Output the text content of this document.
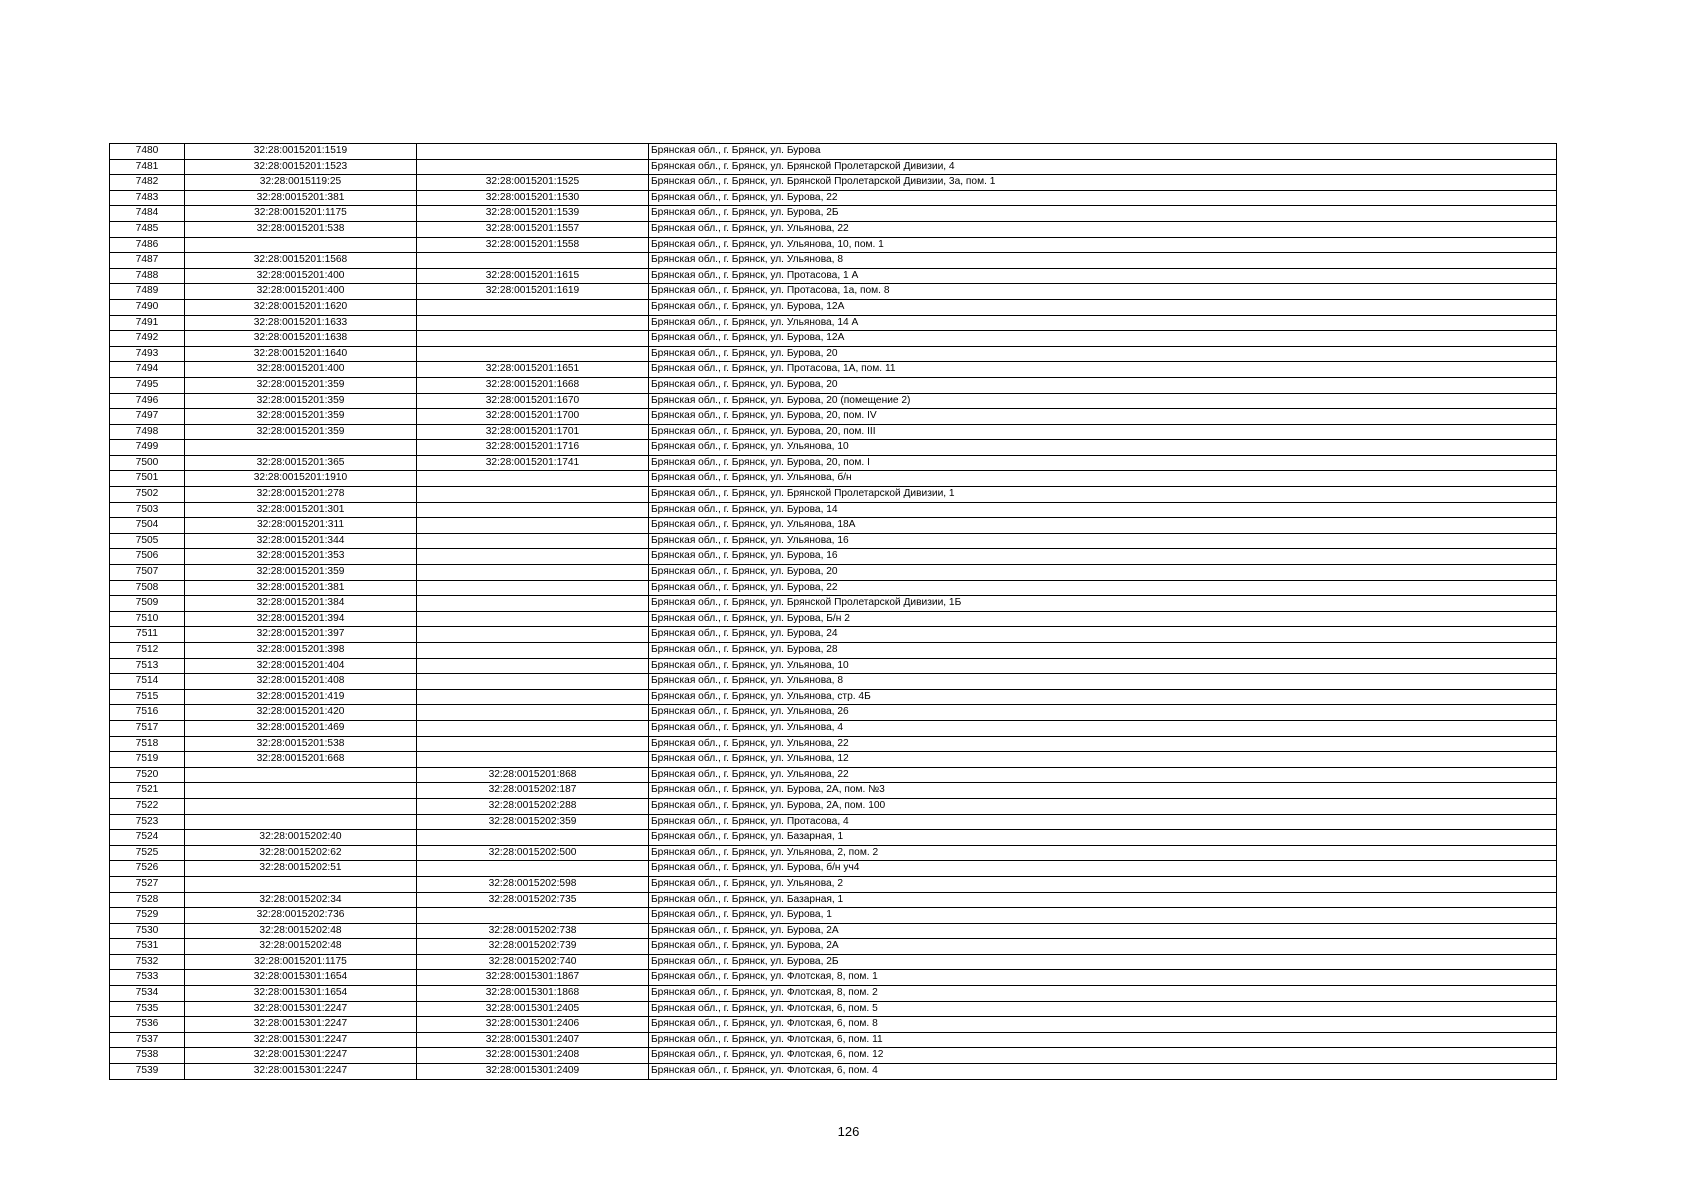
7480	32:28:0015201:1519		Брянская обл., г. Брянск, ул. Бурова
7481	32:28:0015201:1523		Брянская обл., г. Брянск, ул. Брянской Пролетарской Дивизии, 4
7482	32:28:0015119:25	32:28:0015201:1525	Брянская обл., г. Брянск, ул. Брянской Пролетарской Дивизии, 3а, пом. 1
7483	32:28:0015201:381	32:28:0015201:1530	Брянская обл., г. Брянск, ул. Бурова, 22
7484	32:28:0015201:1175	32:28:0015201:1539	Брянская обл., г. Брянск, ул. Бурова, 2Б
7485	32:28:0015201:538	32:28:0015201:1557	Брянская обл., г. Брянск, ул. Ульянова, 22
7486		32:28:0015201:1558	Брянская обл., г. Брянск, ул. Ульянова, 10, пом. 1
7487	32:28:0015201:1568		Брянская обл., г. Брянск, ул. Ульянова, 8
7488	32:28:0015201:400	32:28:0015201:1615	Брянская обл., г. Брянск, ул. Протасова, 1 А
7489	32:28:0015201:400	32:28:0015201:1619	Брянская обл., г. Брянск, ул. Протасова, 1а, пом. 8
7490	32:28:0015201:1620		Брянская обл., г. Брянск, ул. Бурова, 12А
7491	32:28:0015201:1633		Брянская обл., г. Брянск, ул. Ульянова, 14 А
7492	32:28:0015201:1638		Брянская обл., г. Брянск, ул. Бурова, 12А
7493	32:28:0015201:1640		Брянская обл., г. Брянск, ул. Бурова, 20
7494	32:28:0015201:400	32:28:0015201:1651	Брянская обл., г. Брянск, ул. Протасова, 1А, пом. 11
7495	32:28:0015201:359	32:28:0015201:1668	Брянская обл., г. Брянск, ул. Бурова, 20
7496	32:28:0015201:359	32:28:0015201:1670	Брянская обл., г. Брянск, ул. Бурова, 20 (помещение 2)
7497	32:28:0015201:359	32:28:0015201:1700	Брянская обл., г. Брянск, ул. Бурова, 20, пом. IV
7498	32:28:0015201:359	32:28:0015201:1701	Брянская обл., г. Брянск, ул. Бурова, 20, пом. III
7499		32:28:0015201:1716	Брянская обл., г. Брянск, ул. Ульянова, 10
7500	32:28:0015201:365	32:28:0015201:1741	Брянская обл., г. Брянск, ул. Бурова, 20, пом. I
7501	32:28:0015201:1910		Брянская обл., г. Брянск, ул. Ульянова, б/н
7502	32:28:0015201:278		Брянская обл., г. Брянск, ул. Брянской Пролетарской Дивизии, 1
7503	32:28:0015201:301		Брянская обл., г. Брянск, ул. Бурова, 14
7504	32:28:0015201:311		Брянская обл., г. Брянск, ул. Ульянова, 18А
7505	32:28:0015201:344		Брянская обл., г. Брянск, ул. Ульянова, 16
7506	32:28:0015201:353		Брянская обл., г. Брянск, ул. Бурова, 16
7507	32:28:0015201:359		Брянская обл., г. Брянск, ул. Бурова, 20
7508	32:28:0015201:381		Брянская обл., г. Брянск, ул. Бурова, 22
7509	32:28:0015201:384		Брянская обл., г. Брянск, ул. Брянской Пролетарской Дивизии, 1Б
7510	32:28:0015201:394		Брянская обл., г. Брянск, ул. Бурова, Б/н 2
7511	32:28:0015201:397		Брянская обл., г. Брянск, ул. Бурова, 24
7512	32:28:0015201:398		Брянская обл., г. Брянск, ул. Бурова, 28
7513	32:28:0015201:404		Брянская обл., г. Брянск, ул. Ульянова, 10
7514	32:28:0015201:408		Брянская обл., г. Брянск, ул. Ульянова, 8
7515	32:28:0015201:419		Брянская обл., г. Брянск, ул. Ульянова, стр. 4Б
7516	32:28:0015201:420		Брянская обл., г. Брянск, ул. Ульянова, 26
7517	32:28:0015201:469		Брянская обл., г. Брянск, ул. Ульянова, 4
7518	32:28:0015201:538		Брянская обл., г. Брянск, ул. Ульянова, 22
7519	32:28:0015201:668		Брянская обл., г. Брянск, ул. Ульянова, 12
7520		32:28:0015201:868	Брянская обл., г. Брянск, ул. Ульянова, 22
7521		32:28:0015202:187	Брянская обл., г. Брянск, ул. Бурова, 2А, пом. №3
7522		32:28:0015202:288	Брянская обл., г. Брянск, ул. Бурова, 2А, пом. 100
7523		32:28:0015202:359	Брянская обл., г. Брянск, ул. Протасова, 4
7524	32:28:0015202:40		Брянская обл., г. Брянск, ул. Базарная, 1
7525	32:28:0015202:62	32:28:0015202:500	Брянская обл., г. Брянск, ул. Ульянова, 2, пом. 2
7526	32:28:0015202:51		Брянская обл., г. Брянск, ул. Бурова, б/н уч4
7527		32:28:0015202:598	Брянская обл., г. Брянск, ул. Ульянова, 2
7528	32:28:0015202:34	32:28:0015202:735	Брянская обл., г. Брянск, ул. Базарная, 1
7529	32:28:0015202:736		Брянская обл., г. Брянск, ул. Бурова, 1
7530	32:28:0015202:48	32:28:0015202:738	Брянская обл., г. Брянск, ул. Бурова, 2А
7531	32:28:0015202:48	32:28:0015202:739	Брянская обл., г. Брянск, ул. Бурова, 2А
7532	32:28:0015201:1175	32:28:0015202:740	Брянская обл., г. Брянск, ул. Бурова, 2Б
7533	32:28:0015301:1654	32:28:0015301:1867	Брянская обл., г. Брянск, ул. Флотская, 8, пом. 1
7534	32:28:0015301:1654	32:28:0015301:1868	Брянская обл., г. Брянск, ул. Флотская, 8, пом. 2
7535	32:28:0015301:2247	32:28:0015301:2405	Брянская обл., г. Брянск, ул. Флотская, 6, пом. 5
7536	32:28:0015301:2247	32:28:0015301:2406	Брянская обл., г. Брянск, ул. Флотская, 6, пом. 8
7537	32:28:0015301:2247	32:28:0015301:2407	Брянская обл., г. Брянск, ул. Флотская, 6, пом. 11
7538	32:28:0015301:2247	32:28:0015301:2408	Брянская обл., г. Брянск, ул. Флотская, 6, пом. 12
7539	32:28:0015301:2247	32:28:0015301:2409	Брянская обл., г. Брянск, ул. Флотская, 6, пом. 4
126
